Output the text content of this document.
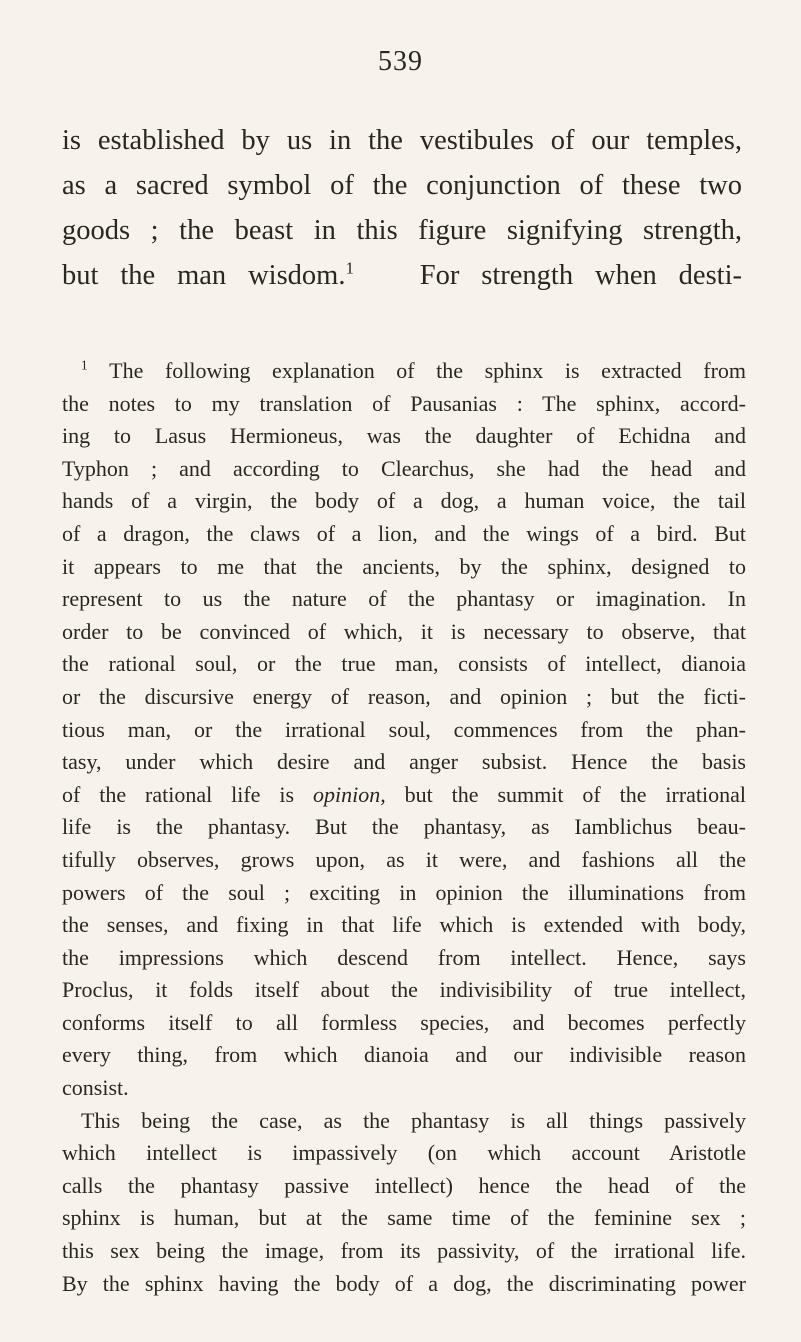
539
is established by us in the vestibules of our temples,
as a sacred symbol of the conjunction of these two
goods ; the beast in this figure signifying strength,
but the man wisdom.$^1$ For strength when desti-
$^1$ The following explanation of the sphinx is extracted from
the notes to my translation of Pausanias : The sphinx, accord-
ing to Lasus Hermioneus, was the daughter of Echidna and
Typhon ; and according to Clearchus, she had the head and
hands of a virgin, the body of a dog, a human voice, the tail
of a dragon, the claws of a lion, and the wings of a bird. But
it appears to me that the ancients, by the sphinx, designed to
represent to us the nature of the phantasy or imagination. In
order to be convinced of which, it is necessary to observe, that
the rational soul, or the true man, consists of intellect, dianoia
or the discursive energy of reason, and opinion ; but the ficti-
tious man, or the irrational soul, commences from the phan-
tasy, under which desire and anger subsist. Hence the basis
of the rational life is opinion, but the summit of the irrational
life is the phantasy. But the phantasy, as Iamblichus beau-
tifully observes, grows upon, as it were, and fashions all the
powers of the soul ; exciting in opinion the illuminations from
the senses, and fixing in that life which is extended with body,
the impressions which descend from intellect. Hence, says
Proclus, it folds itself about the indivisibility of true intellect,
conforms itself to all formless species, and becomes perfectly
every thing, from which dianoia and our indivisible reason
consist.
This being the case, as the phantasy is all things passively
which intellect is impassively (on which account Aristotle
calls the phantasy passive intellect) hence the head of the
sphinx is human, but at the same time of the feminine sex ;
this sex being the image, from its passivity, of the irrational life.
By the sphinx having the body of a dog, the discriminating power
